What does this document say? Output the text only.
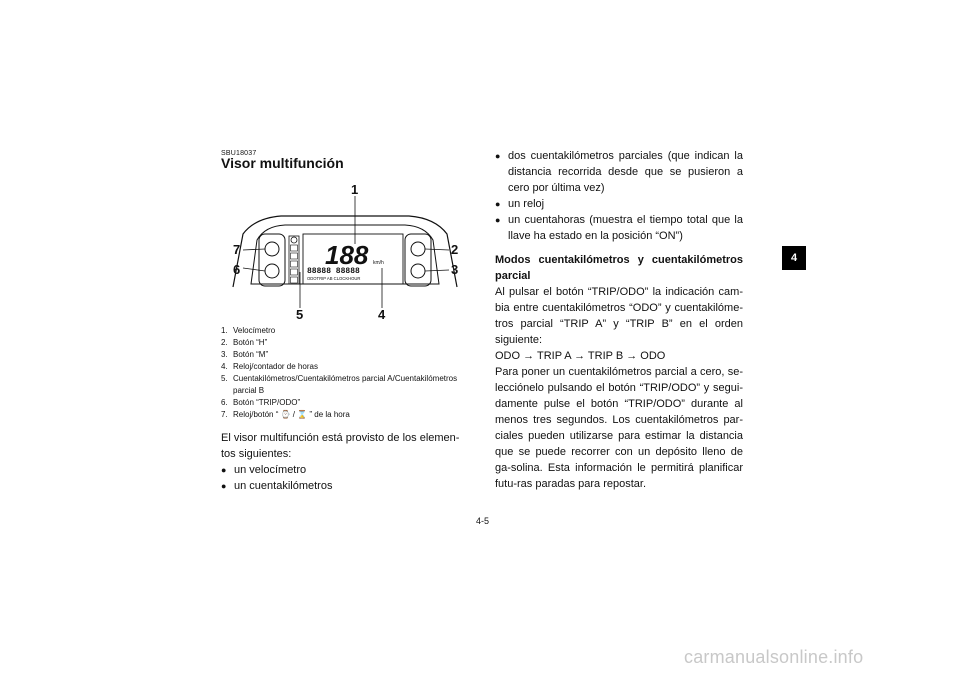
SBU18037
Visor multifunción
188 km/h
88888 88888
ODOTRIP AB CLOCKHOUR
1
2
3
4
5
6
7
1. Velocímetro
2. Botón “H”
3. Botón “M”
4. Reloj/contador de horas
5. Cuentakilómetros/Cuentakilómetros parcial A/Cuentakilómetros parcial B
6. Botón “TRIP/ODO”
7. Reloj/botón “ ⌚ / ⌛ ” de la hora

El visor multifunción está provisto de los elemen-tos siguientes:

● un velocímetro

● un cuentakilómetros

● dos cuentakilómetros parciales (que indican la distancia recorrida desde que se pusieron a cero por última vez)

● un reloj

● un cuentahoras (muestra el tiempo total que la llave ha estado en la posición “ON”)

Modos cuentakilómetros y cuentakilómetros parcial

Al pulsar el botón “TRIP/ODO” la indicación cam-bia entre cuentakilómetros “ODO” y cuentakilóme-tros parcial “TRIP A” y “TRIP B” en el orden siguiente:

ODO → TRIP A → TRIP B → ODO

Para poner un cuentakilómetros parcial a cero, se-lecciónelo pulsando el botón “TRIP/ODO” y segui-damente pulse el botón “TRIP/ODO” durante al menos tres segundos. Los cuentakilómetros par-ciales pueden utilizarse para estimar la distancia que se puede recorrer con un depósito lleno de ga-solina. Esta información le permitirá planificar futu-ras paradas para repostar.

4
4-5
carmanualsonline.info
